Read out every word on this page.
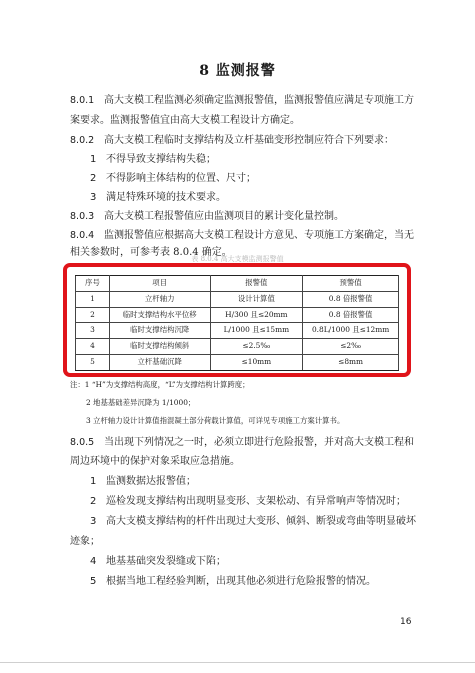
8 监测报警
8.0.1 高大支模工程监测必须确定监测报警值，监测报警值应满足专项施工方
案要求。监测报警值宜由高大支模工程设计方确定。
8.0.2 高大支模工程临时支撑结构及立杆基础变形控制应符合下列要求：
1 不得导致支撑结构失稳；
2 不得影响主体结构的位置、尺寸；
3 满足特殊环境的技术要求。
8.0.3 高大支模工程报警值应由监测项目的累计变化量控制。
8.0.4 监测报警值应根据高大支模工程设计方意见、专项施工方案确定，当无
相关参数时，可参考表 8.0.4 确定。
表 8.0.4 高大支模监测报警值
序号	项目	报警值	预警值
1	立杆轴力	设计计算值	0.8 倍报警值
2	临时支撑结构水平位移	H/300 且≤20mm	0.8 倍报警值
3	临时支撑结构沉降	L/1000 且≤15mm	0.8L/1000 且≤12mm
4	临时支撑结构倾斜	≤2.5‰	≤2‰
5	立杆基础沉降	≤10mm	≤8mm
注：1 “H”为支撑结构高度，“L”为支撑结构计算跨度；
2 地基基础差异沉降为 1/1000；
3 立杆轴力设计计算值指混凝土部分荷载计算值，可详见专项施工方案计算书。
8.0.5 当出现下列情况之一时，必须立即进行危险报警，并对高大支模工程和
周边环境中的保护对象采取应急措施。
1 监测数据达报警值；
2 巡检发现支撑结构出现明显变形、支架松动、有异常响声等情况时；
3 高大支模支撑结构的杆件出现过大变形、倾斜、断裂或弯曲等明显破坏
迹象；
4 地基基础突发裂缝或下陷；
5 根据当地工程经验判断，出现其他必须进行危险报警的情况。
16
